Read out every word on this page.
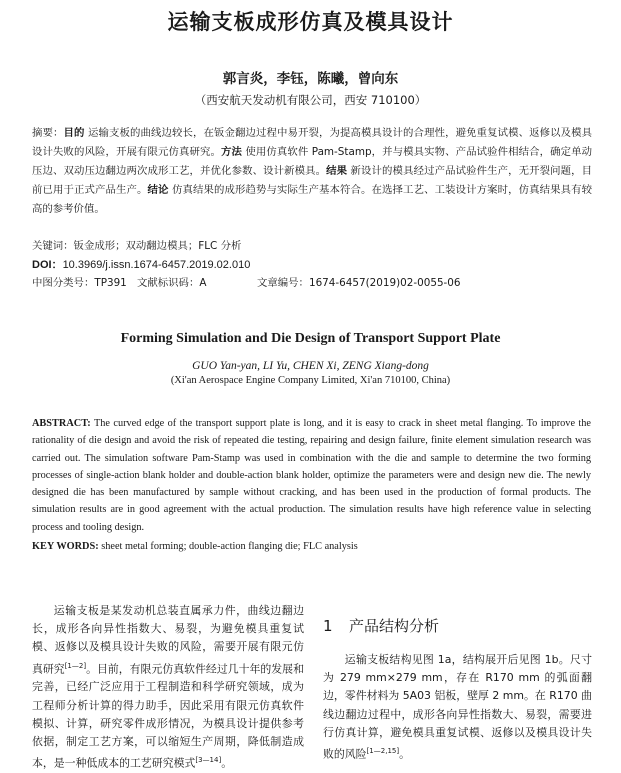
运输支板成形仿真及模具设计
郭言炎，李钰，陈曦，曾向东
（西安航天发动机有限公司，西安 710100）
摘要：目的 运输支板的曲线边较长，在钣金翻边过程中易开裂，为提高模具设计的合理性，避免重复试模、返修以及模具设计失败的风险，开展有限元仿真研究。方法 使用仿真软件 Pam-Stamp，并与模具实物、产品试验件相结合，确定单动压边、双动压边翻边两次成形工艺，并优化参数、设计新模具。结果 新设计的模具经过产品试验件生产，无开裂问题，目前已用于正式产品生产。结论 仿真结果的成形趋势与实际生产基本符合。在选择工艺、工装设计方案时，仿真结果具有较高的参考价值。
关键词：钣金成形；双动翻边模具；FLC 分析
DOI：10.3969/j.issn.1674-6457.2019.02.010
中图分类号：TP391 文献标识码：A	文章编号：1674-6457(2019)02-0055-06
Forming Simulation and Die Design of Transport Support Plate
GUO Yan-yan, LI Yu, CHEN Xi, ZENG Xiang-dong
(Xi'an Aerospace Engine Company Limited, Xi'an 710100, China)
ABSTRACT: The curved edge of the transport support plate is long, and it is easy to crack in sheet metal flanging. To improve the rationality of die design and avoid the risk of repeated die testing, repairing and design failure, finite element simulation research was carried out. The simulation software Pam-Stamp was used in combination with the die and sample to determine the two forming processes of single-action blank holder and double-action blank holder, optimize the parameters were and design new die. The newly designed die has been manufactured by sample without cracking, and has been used in the production of formal products. The simulation results are in good agreement with the actual production. The simulation results have high reference value in selecting process and tooling design.
KEY WORDS: sheet metal forming; double-action flanging die; FLC analysis
运输支板是某发动机总装直属承力件，曲线边翻边长，成形各向异性指数大、易裂，为避免模具重复试模、返修以及模具设计失败的风险，需要开展有限元仿真研究[1—2]。目前，有限元仿真软件经过几十年的发展和完善，已经广泛应用于工程制造和科学研究领域，成为工程师分析计算的得力助手，因此采用有限元仿真软件模拟、计算，研究零件成形情况，为模具设计提供参考依据，制定工艺方案，可以缩短生产周期，降低制造成本，是一种低成本的工艺研究模式[3—14]。
1 产品结构分析
运输支板结构见图 1a，结构展开后见图 1b。尺寸为 279 mm×279 mm，存在 R170 mm 的弧面翻边，零件材料为 5A03 铝板，壁厚 2 mm。在 R170 曲线边翻边过程中，成形各向异性指数大、易裂，需要进行仿真计算，避免模具重复试模、返修以及模具设计失败的风险[1—2,15]。
